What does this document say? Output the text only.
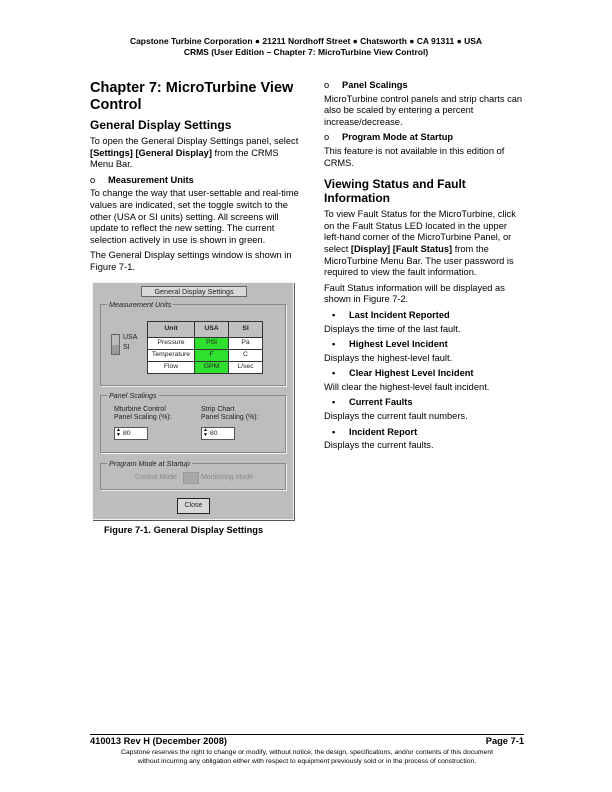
Capstone Turbine Corporation ● 21211 Nordhoff Street ● Chatsworth ● CA 91311 ● USA
CRMS (User Edition – Chapter 7: MicroTurbine View Control)
Chapter 7: MicroTurbine View Control
General Display Settings

To open the General Display Settings panel, select [Settings] [General Display] from the CRMS Menu Bar.

o	Measurement Units

To change the way that user-settable and real-time values are indicated, set the toggle switch to the other (USA or SI units) setting. All screens will update to reflect the new setting. The current selection actively in use is shown in green.

The General Display settings window is shown in Figure 7-1.

General Display Settings
Measurement Units
USA
SI
Unit	USA	SI
Pressure	PSI	Pa
Temperature	F	C
Flow	GPM	L/sec
Panel Scalings
Mturbine Control
Panel Scaling (%):
▲
▼ 80
Strip Chart
Panel Scaling (%):
▲
▼ 80
Program Mode at Startup
Control Mode	Monitoring Mode
Close
Figure 7-1. General Display Settings
o	Panel Scalings

MicroTurbine control panels and strip charts can also be scaled by entering a percent increase/decrease.

o	Program Mode at Startup

This feature is not available in this edition of CRMS.

Viewing Status and Fault Information

To view Fault Status for the MicroTurbine, click on the Fault Status LED located in the upper left-hand corner of the MicroTurbine Panel, or select [Display] [Fault Status] from the MicroTurbine Menu Bar. The user password is required to view the fault information.

Fault Status information will be displayed as shown in Figure 7-2.

•	Last Incident Reported

Displays the time of the last fault.

•	Highest Level Incident

Displays the highest-level fault.

•	Clear Highest Level Incident

Will clear the highest-level fault incident.

•	Current Faults

Displays the current fault numbers.

•	Incident Report

Displays the current faults.

410013 Rev H (December 2008)	Page 7-1
Capstone reserves the right to change or modify, without notice, the design, specifications, and/or contents of this document
without incurring any obligation either with respect to equipment previously sold or in the process of construction.
